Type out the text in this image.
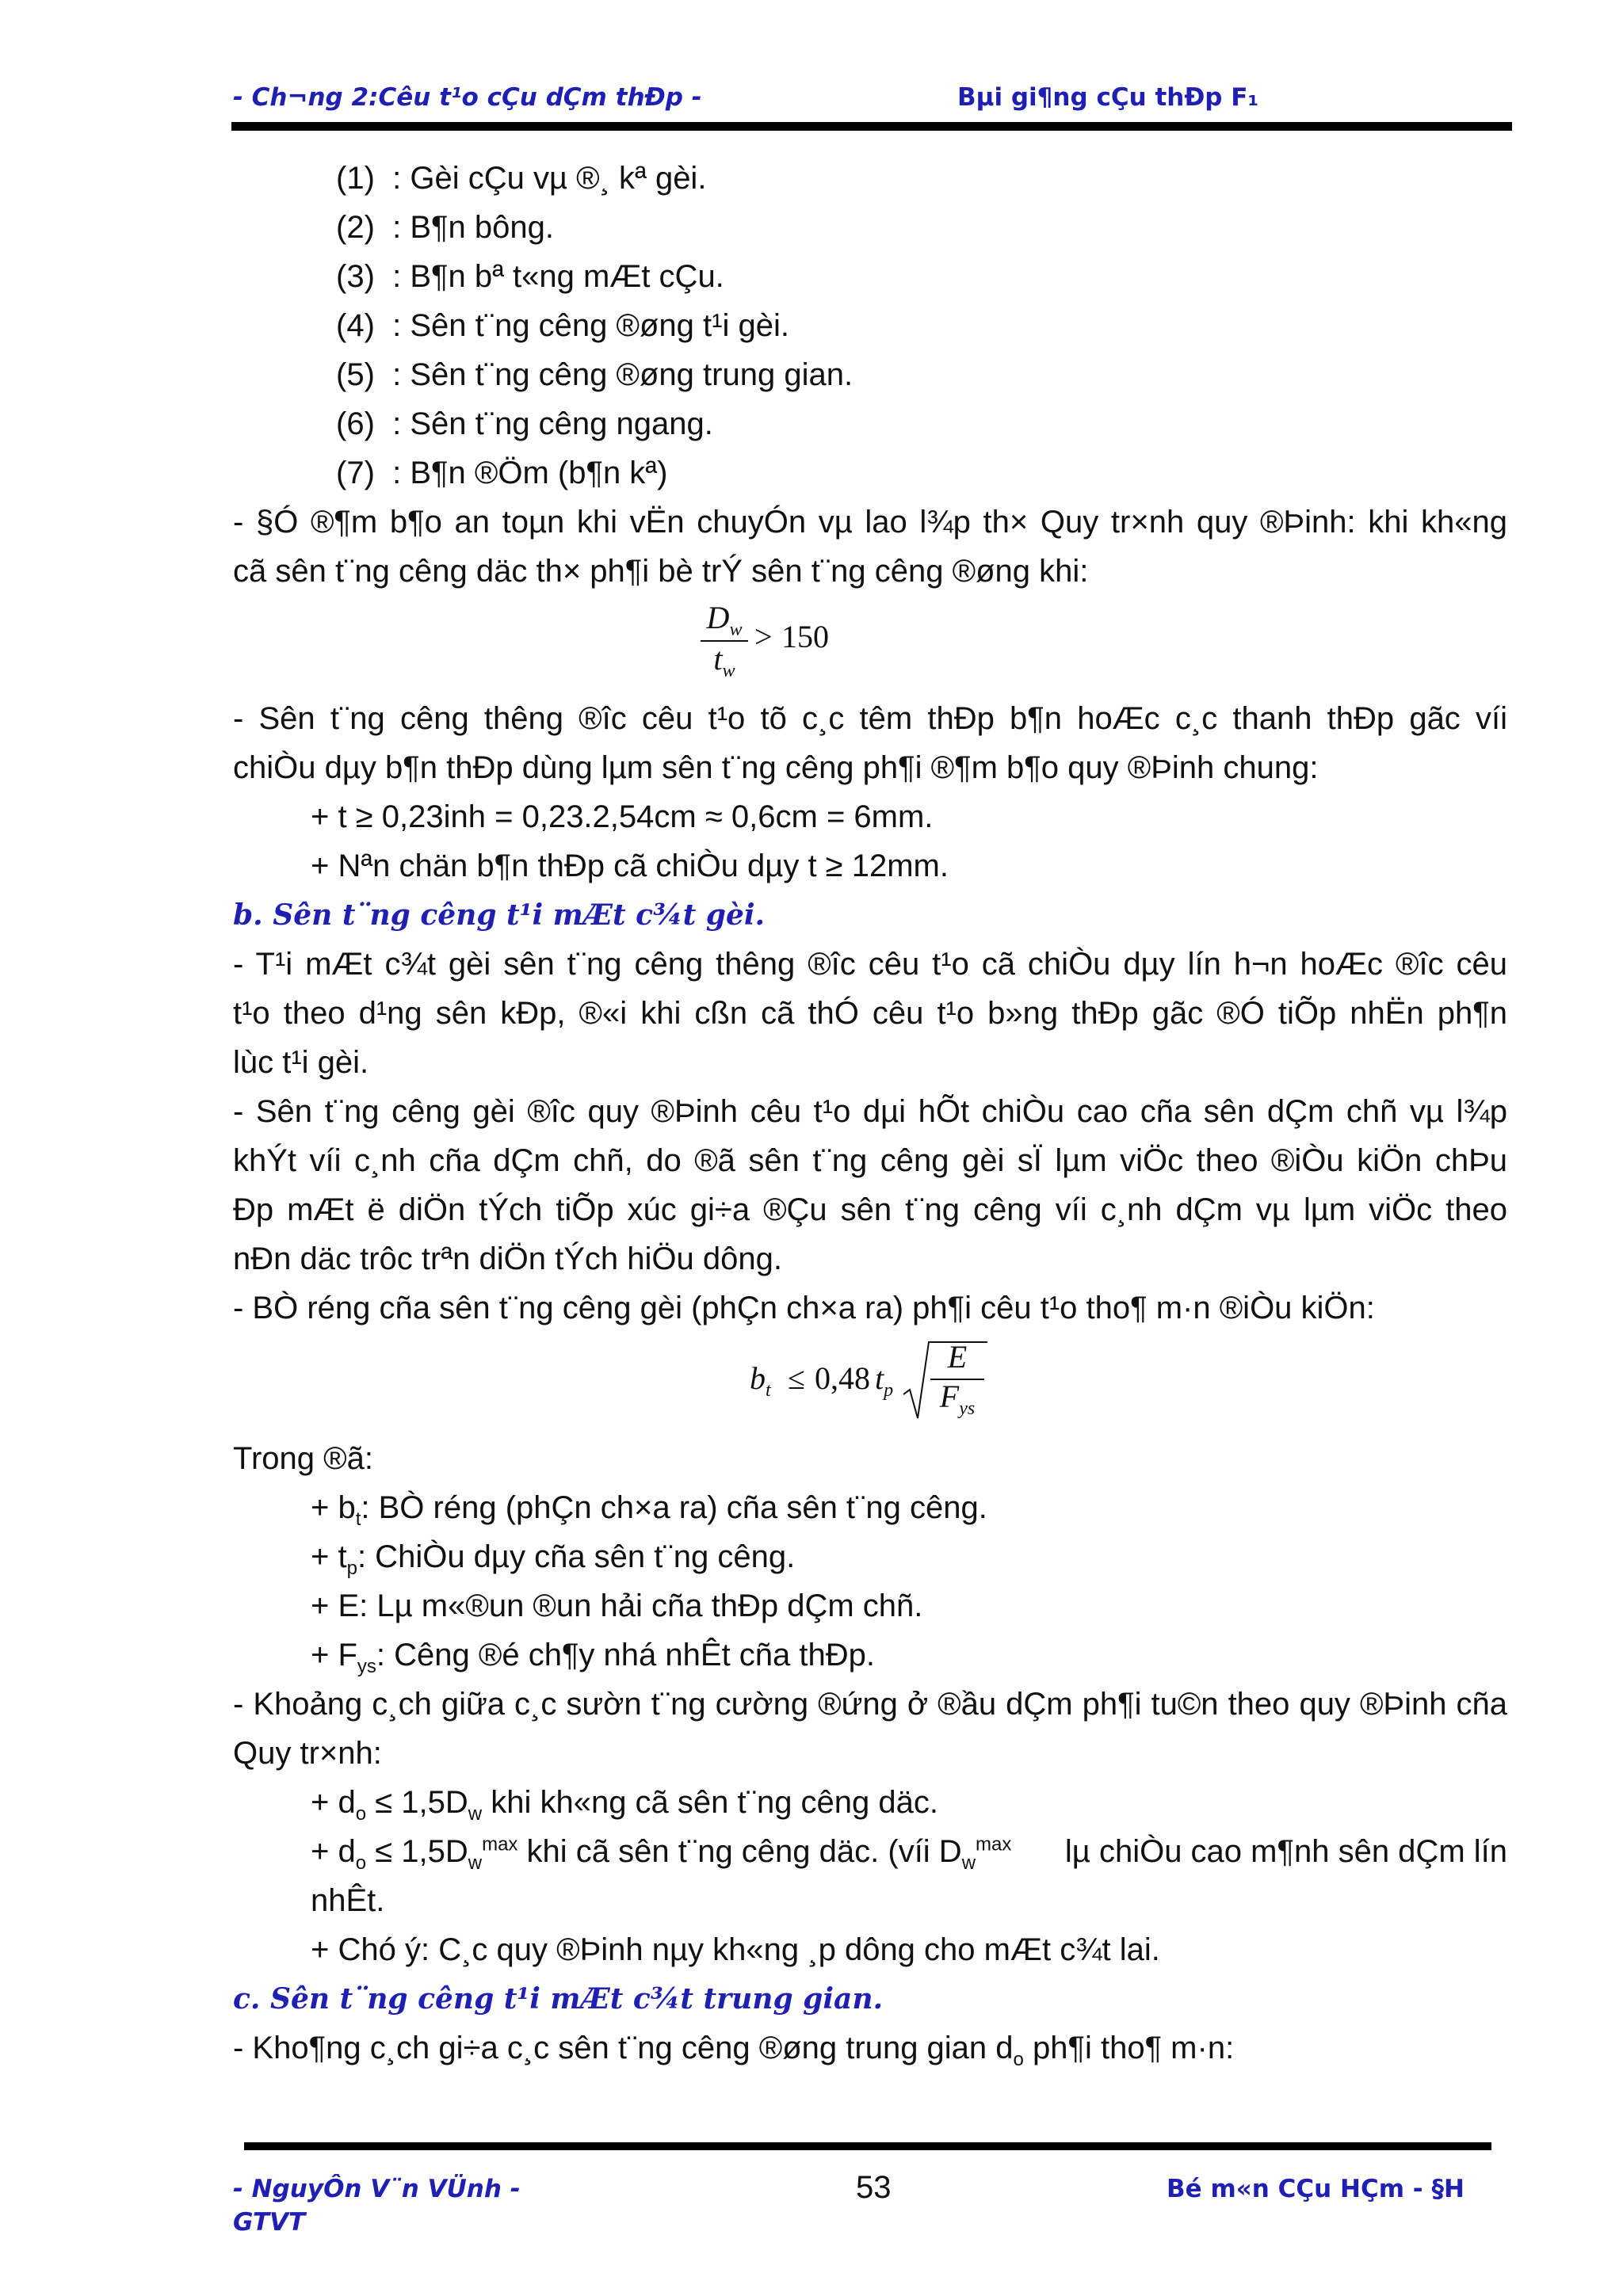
- Ch¬ng 2:Cêu t¹o cÇu dÇm thÐp -	Bµi gi¶ng cÇu thÐp F₁
(1) : Gèi cÇu vµ ®¸ kª gèi.
(2) : B¶n bông.
(3) : B¶n bª t«ng mÆt cÇu.
(4) : Sên t¨ng cêng ®øng t¹i gèi.
(5) : Sên t¨ng cêng ®øng trung gian.
(6) : Sên t¨ng cêng ngang.
(7) : B¶n ®Öm (b¶n kª)
- §Ó ®¶m b¶o an toµn khi vËn chuyÓn vµ lao l¾p th× Quy tr×nh quy ®Þinh: khi kh«ng
cã sên t¨ng cêng däc th× ph¶i bè trÝ sên t¨ng cêng ®øng khi:
$\frac{D_w}{t_w} > 150$
- Sên t¨ng cêng thêng ®îc cêu t¹o tõ c¸c têm thÐp b¶n hoÆc c¸c thanh thÐp gãc víi
chiÒu dµy b¶n thÐp dùng lµm sên t¨ng cêng ph¶i ®¶m b¶o quy ®Þinh chung:
+ t ≥ 0,23inh = 0,23.2,54cm ≈ 0,6cm = 6mm.
+ Nªn chän b¶n thÐp cã chiÒu dµy t ≥ 12mm.
b. Sên t¨ng cêng t¹i mÆt c¾t gèi.
- T¹i mÆt c¾t gèi sên t¨ng cêng thêng ®îc cêu t¹o cã chiÒu dµy lín h¬n hoÆc ®îc cêu
t¹o theo d¹ng sên kÐp, ®«i khi cßn cã thÓ cêu t¹o b»ng thÐp gãc ®Ó tiÕp nhËn ph¶n
lùc t¹i gèi.
- Sên t¨ng cêng gèi ®îc quy ®Þinh cêu t¹o dµi hÕt chiÒu cao cña sên dÇm chñ vµ l¾p
khÝt víi c¸nh cña dÇm chñ, do ®ã sên t¨ng cêng gèi sÏ lµm viÖc theo ®iÒu kiÖn chÞu
Ðp mÆt ë diÖn tÝch tiÕp xúc gi÷a ®Çu sên t¨ng cêng víi c¸nh dÇm vµ lµm viÖc theo
nÐn däc trôc trªn diÖn tÝch hiÖu dông.
- BÒ réng cña sên t¨ng cêng gèi (phÇn ch×a ra) ph¶i cêu t¹o tho¶ m·n ®iÒu kiÖn:
$b_t \le 0,48$ $t_p$
E
$F_{ys}$
Trong ®ã:
+ $b_t$: BÒ réng (phÇn ch×a ra) cña sên t¨ng cêng.
+ $t_p$: ChiÒu dµy cña sên t¨ng cêng.
+ E: Lµ m«®un ®un hải cña thÐp dÇm chñ.
+ $F_{ys}$: Cêng ®é ch¶y nhá nhÊt cña thÐp.
- Khoảng c¸ch giữa c¸c sườn t¨ng cường ®ứng ở ®ầu dÇm ph¶i tu©n theo quy ®Þinh cña
Quy tr×nh:
+ $d_o \le 1,5D_w$ khi kh«ng cã sên t¨ng cêng däc.
+ $d_o \le 1,5D_w^{max}$ khi cã sên t¨ng cêng däc. (víi $D_w^{max}$ lµ chiÒu cao m¶nh sên dÇm lín
nhÊt.
+ Chó ý: C¸c quy ®Þinh nµy kh«ng ¸p dông cho mÆt c¾t lai.
c. Sên t¨ng cêng t¹i mÆt c¾t trung gian.
- Kho¶ng c¸ch gi÷a c¸c sên t¨ng cêng ®øng trung gian $d_o$ ph¶i tho¶ m·n:
- NguyÔn V¨n VÜnh -
GTVT
53	Bé m«n CÇu HÇm - §H
